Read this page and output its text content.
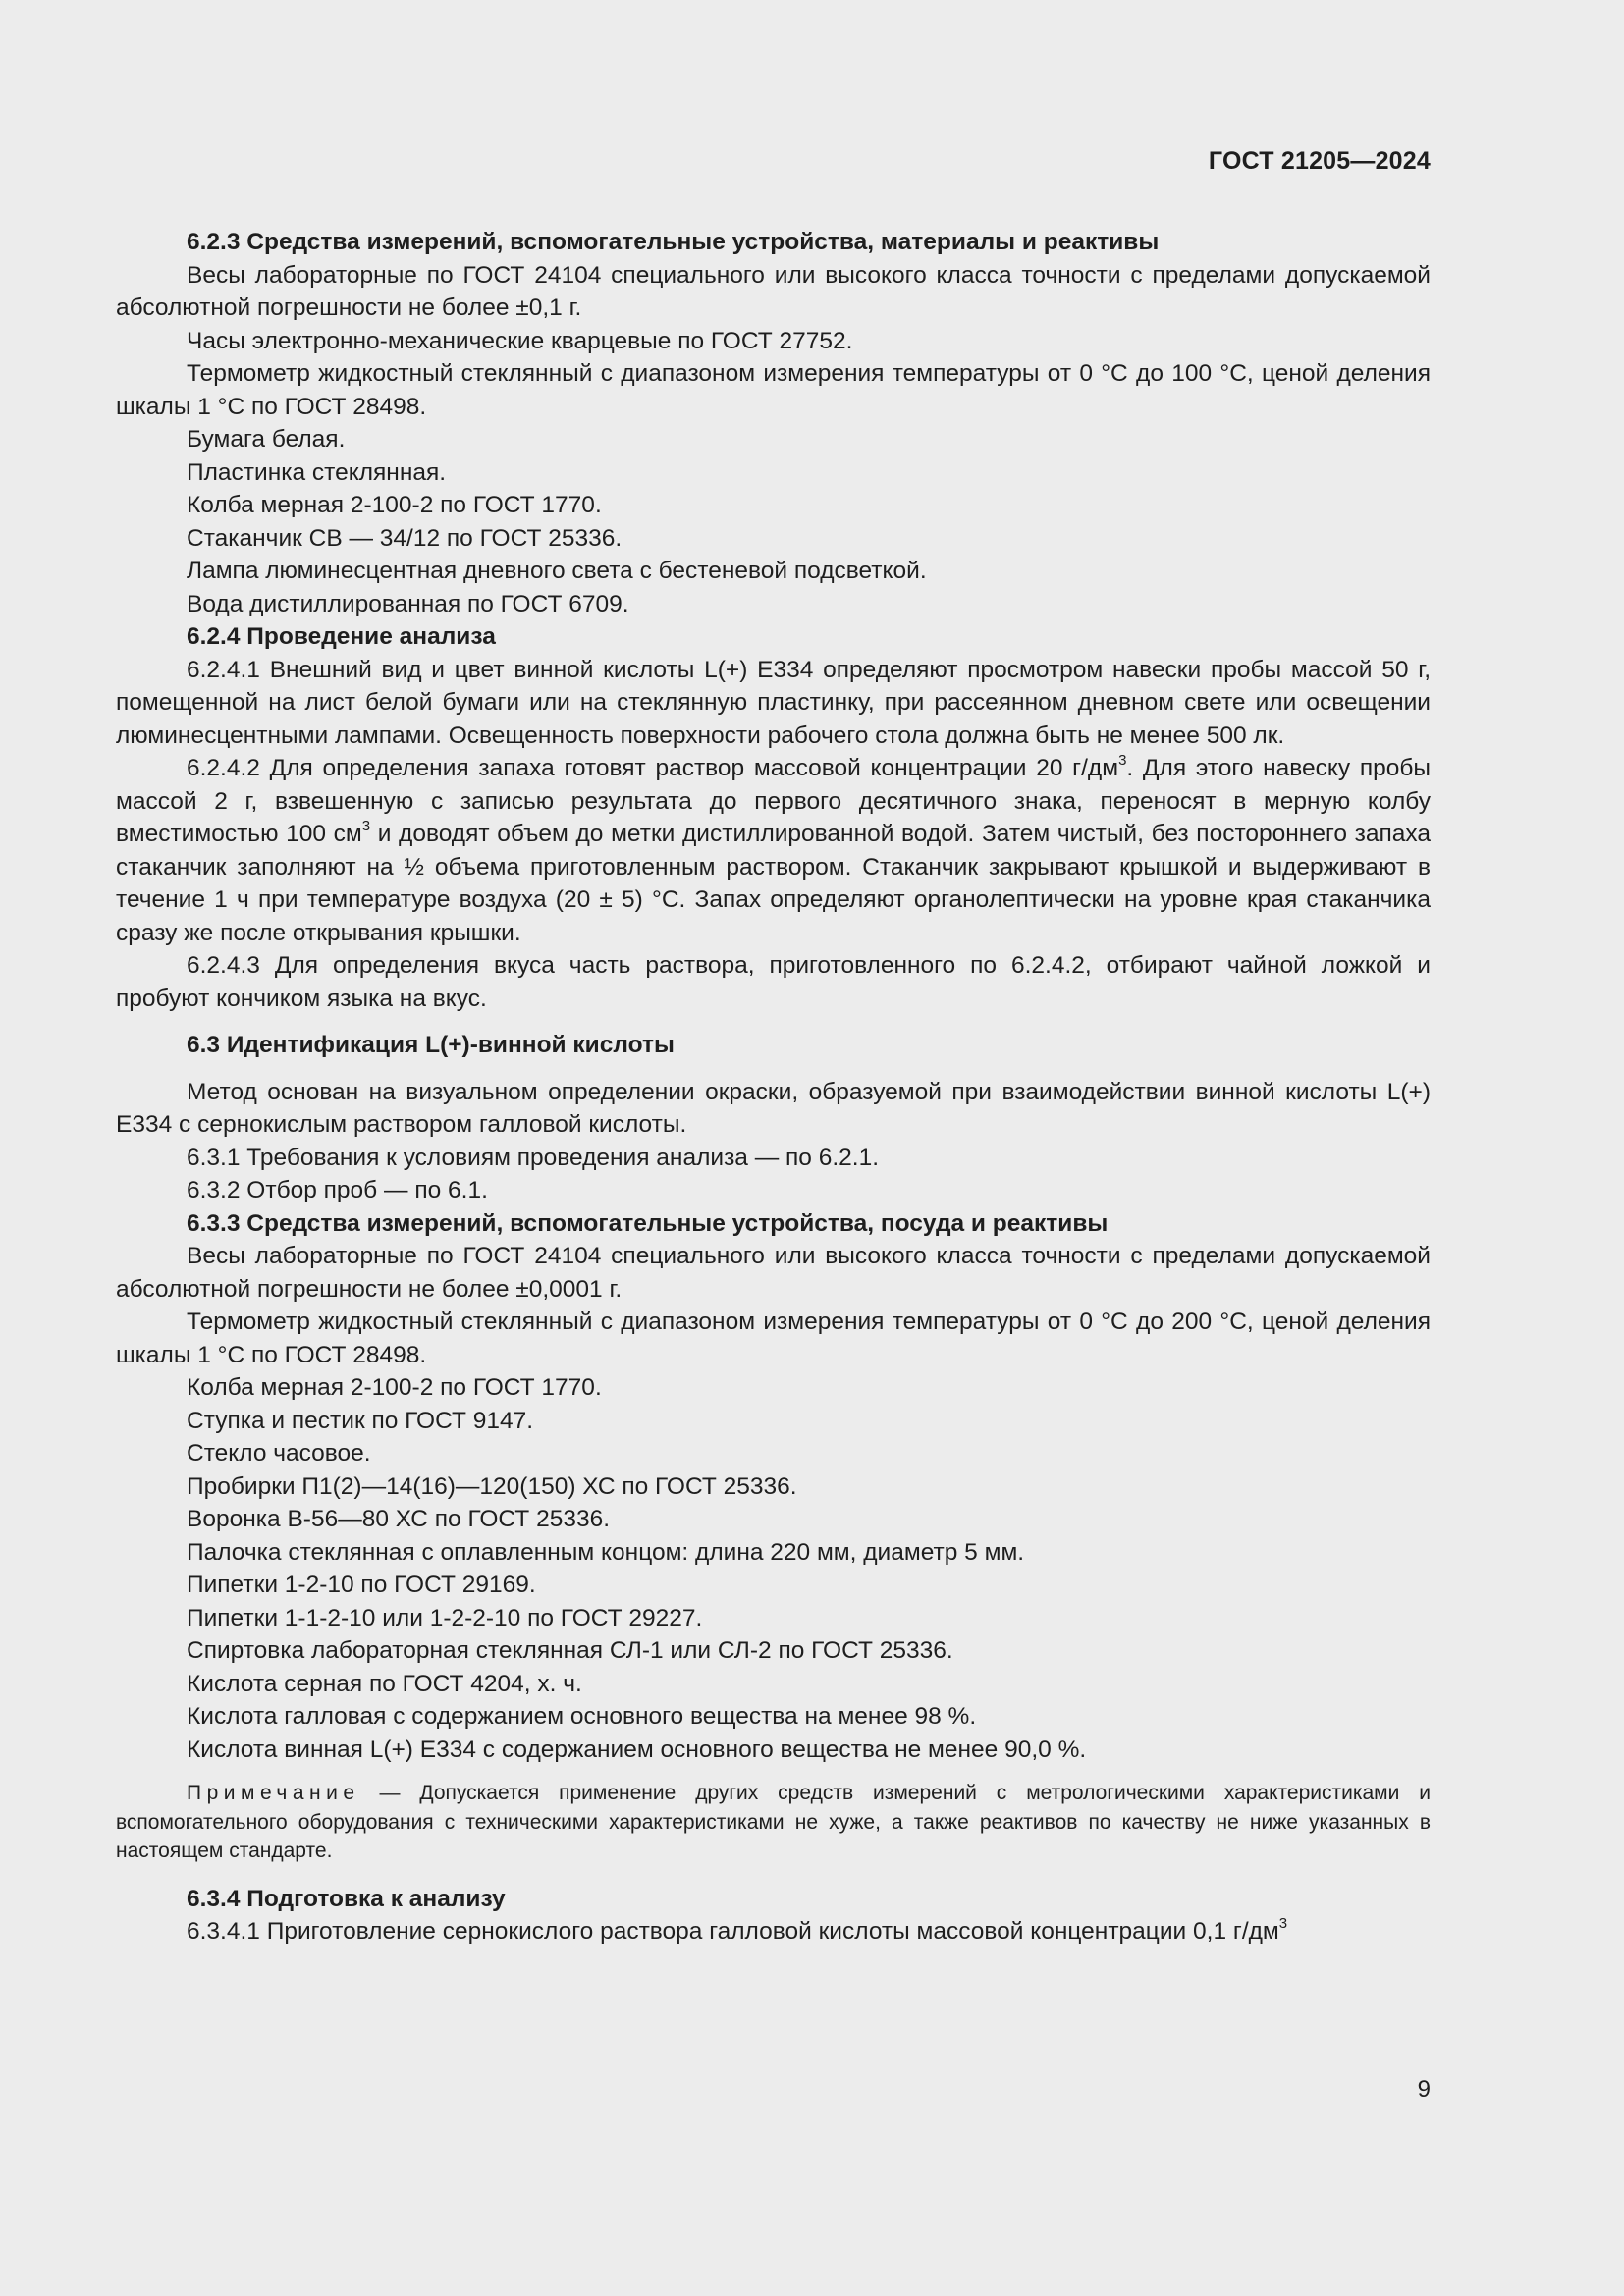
ГОСТ 21205—2024

6.2.3 Средства измерений, вспомогательные устройства, материалы и реактивы

Весы лабораторные по ГОСТ 24104 специального или высокого класса точности с пределами допускаемой абсолютной погрешности не более ±0,1 г.

Часы электронно-механические кварцевые по ГОСТ 27752.

Термометр жидкостный стеклянный с диапазоном измерения температуры от 0 °С до 100 °С, ценой деления шкалы 1 °С по ГОСТ 28498.

Бумага белая.

Пластинка стеклянная.

Колба мерная 2-100-2 по ГОСТ 1770.

Стаканчик СВ — 34/12 по ГОСТ 25336.

Лампа люминесцентная дневного света с бестеневой подсветкой.

Вода дистиллированная по ГОСТ 6709.

6.2.4 Проведение анализа

6.2.4.1 Внешний вид и цвет винной кислоты L(+) Е334 определяют просмотром навески пробы массой 50 г, помещенной на лист белой бумаги или на стеклянную пластинку, при рассеянном дневном свете или освещении люминесцентными лампами. Освещенность поверхности рабочего стола должна быть не менее 500 лк.

6.2.4.2 Для определения запаха готовят раствор массовой концентрации 20 $г/дм^3$. Для этого навеску пробы массой 2 г, взвешенную с записью результата до первого десятичного знака, переносят в мерную колбу вместимостью 100 $см^3$ и доводят объем до метки дистиллированной водой. Затем чистый, без постороннего запаха стаканчик заполняют на ½ объема приготовленным раствором. Стаканчик закрывают крышкой и выдерживают в течение 1 ч при температуре воздуха (20 ± 5) °С. Запах определяют органолептически на уровне края стаканчика сразу же после открывания крышки.

6.2.4.3 Для определения вкуса часть раствора, приготовленного по 6.2.4.2, отбирают чайной ложкой и пробуют кончиком языка на вкус.

6.3 Идентификация L(+)-винной кислоты

Метод основан на визуальном определении окраски, образуемой при взаимодействии винной кислоты L(+) Е334 с сернокислым раствором галловой кислоты.

6.3.1 Требования к условиям проведения анализа — по 6.2.1.

6.3.2 Отбор проб — по 6.1.

6.3.3 Средства измерений, вспомогательные устройства, посуда и реактивы

Весы лабораторные по ГОСТ 24104 специального или высокого класса точности с пределами допускаемой абсолютной погрешности не более ±0,0001 г.

Термометр жидкостный стеклянный с диапазоном измерения температуры от 0 °С до 200 °С, ценой деления шкалы 1 °С по ГОСТ 28498.

Колба мерная 2-100-2 по ГОСТ 1770.

Ступка и пестик по ГОСТ 9147.

Стекло часовое.

Пробирки П1(2)—14(16)—120(150) ХС по ГОСТ 25336.

Воронка В-56—80 ХС по ГОСТ 25336.

Палочка стеклянная с оплавленным концом: длина 220 мм, диаметр 5 мм.

Пипетки 1-2-10 по ГОСТ 29169.

Пипетки 1-1-2-10 или 1-2-2-10 по ГОСТ 29227.

Спиртовка лабораторная стеклянная СЛ-1 или СЛ-2 по ГОСТ 25336.

Кислота серная по ГОСТ 4204, х. ч.

Кислота галловая с содержанием основного вещества на менее 98 %.

Кислота винная L(+) Е334 с содержанием основного вещества не менее 90,0 %.

Примечание — Допускается применение других средств измерений с метрологическими характеристиками и вспомогательного оборудования с техническими характеристиками не хуже, а также реактивов по качеству не ниже указанных в настоящем стандарте.

6.3.4 Подготовка к анализу

6.3.4.1 Приготовление сернокислого раствора галловой кислоты массовой концентрации 0,1 $г/дм^3$

9
